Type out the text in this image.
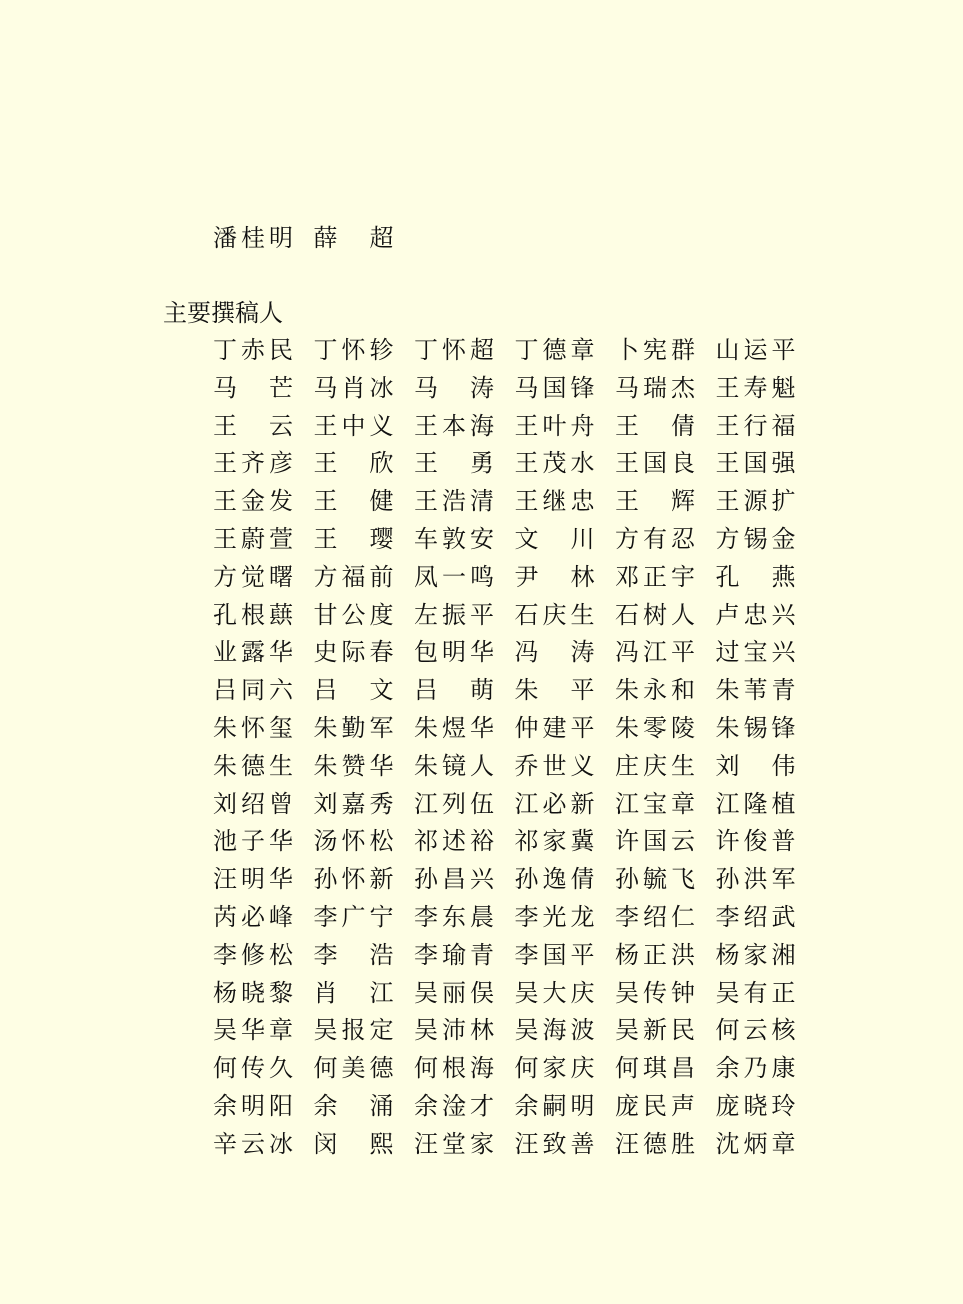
潘桂明 薛超
主要撰稿人
丁赤民 丁怀轸 丁怀超 丁德章 卜宪群 山运平
马芒 马肖冰 马涛 马国锋 马瑞杰 王寿魁
王云 王中义 王本海 王叶舟 王倩 王行福
王齐彦 王欣 王勇 王茂水 王国良 王国强
王金发 王健 王浩清 王继忠 王辉 王源扩
王蔚萱 王璎 车敦安 文川 方有忍 方锡金
方觉曙 方福前 凤一鸣 尹林 邓正宇 孔燕
孔根蕻 甘公度 左振平 石庆生 石树人 卢忠兴
业露华 史际春 包明华 冯涛 冯江平 过宝兴
吕同六 吕文 吕萌 朱平 朱永和 朱苇青
朱怀玺 朱勤军 朱煜华 仲建平 朱零陵 朱锡锋
朱德生 朱赞华 朱镜人 乔世义 庄庆生 刘伟
刘绍曾 刘嘉秀 江列伍 江必新 江宝章 江隆植
池子华 汤怀松 祁述裕 祁家冀 许国云 许俊普
汪明华 孙怀新 孙昌兴 孙逸倩 孙毓飞 孙洪军
芮必峰 李广宁 李东晨 李光龙 李绍仁 李绍武
李修松 李浩 李瑜青 李国平 杨正洪 杨家湘
杨晓黎 肖江 吴丽俣 吴大庆 吴传钟 吴有正
吴华章 吴报定 吴沛林 吴海波 吴新民 何云核
何传久 何美德 何根海 何家庆 何琪昌 余乃康
余明阳 余涌 余淦才 余嗣明 庞民声 庞晓玲
辛云冰 闵熙 汪堂家 汪致善 汪德胜 沈炳章
